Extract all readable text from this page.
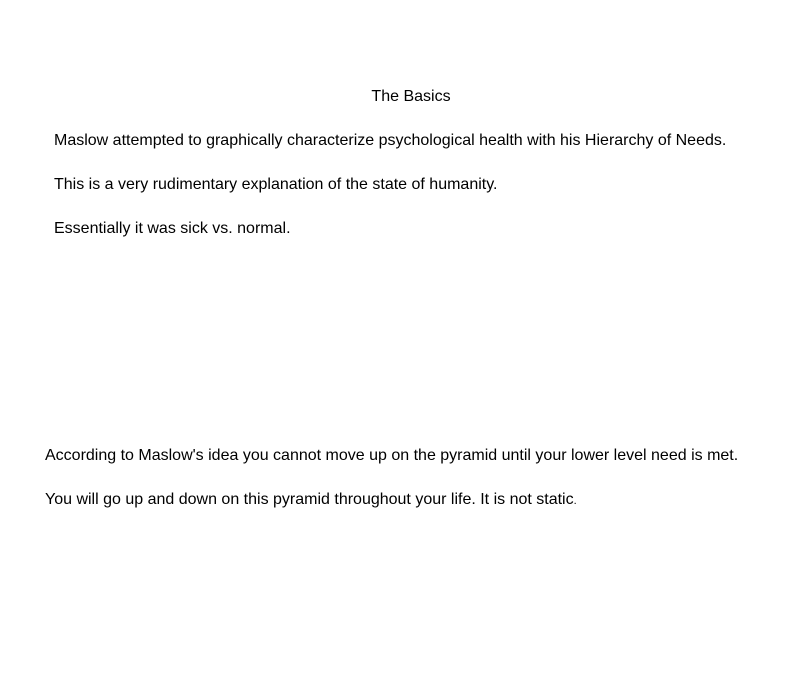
The Basics

Maslow attempted to graphically characterize psychological health with his Hierarchy of Needs.

This is a very rudimentary explanation of the state of humanity.

Essentially it was sick vs. normal.

According to Maslow's idea you cannot move up on the pyramid until your lower level need is met.

You will go up and down on this pyramid throughout your life. It is not static.
